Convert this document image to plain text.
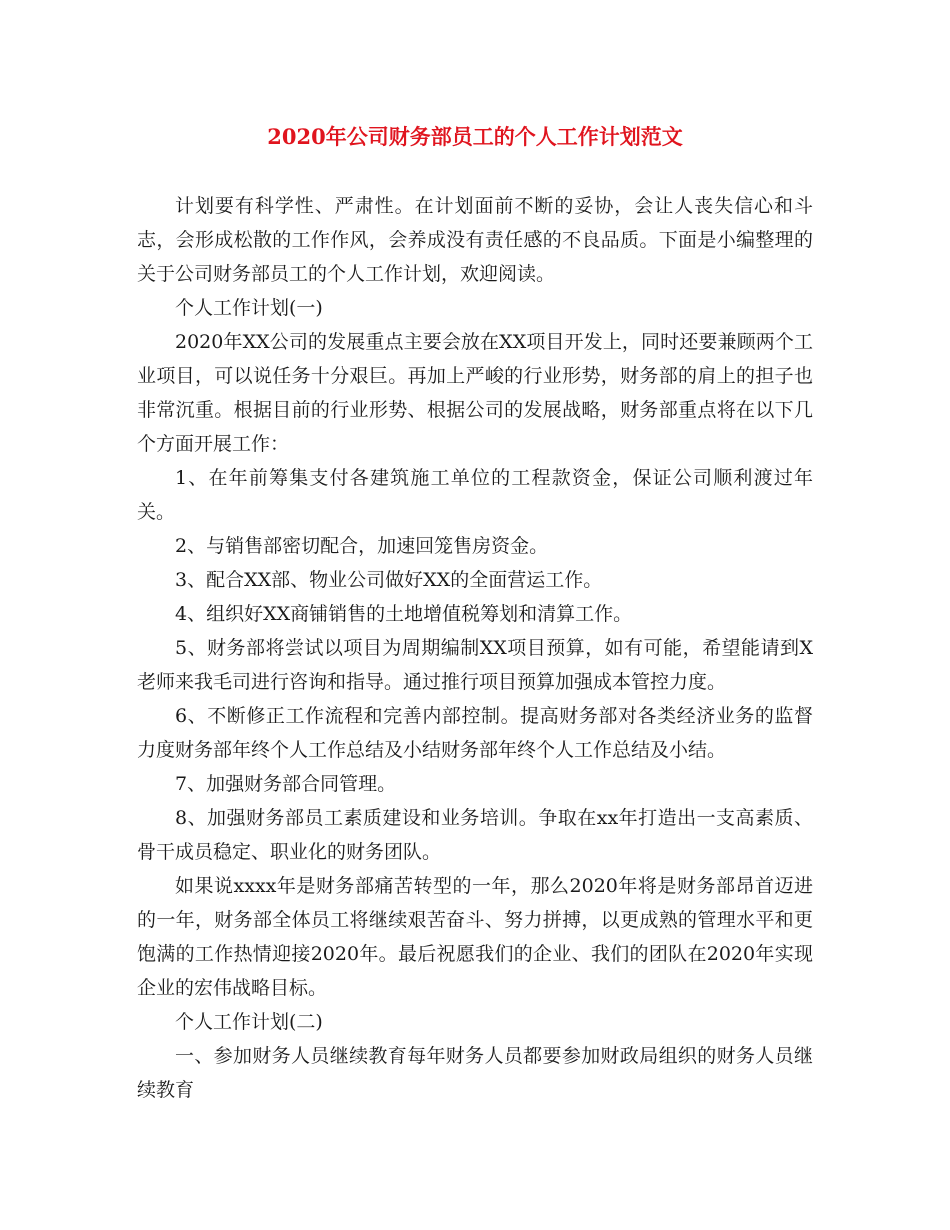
2020年公司财务部员工的个人工作计划范文

计划要有科学性、严肃性。在计划面前不断的妥协，会让人丧失信心和斗志，会形成松散的工作作风，会养成没有责任感的不良品质。下面是小编整理的关于公司财务部员工的个人工作计划，欢迎阅读。

个人工作计划(一)

2020年XX公司的发展重点主要会放在XX项目开发上，同时还要兼顾两个工业项目，可以说任务十分艰巨。再加上严峻的行业形势，财务部的肩上的担子也非常沉重。根据目前的行业形势、根据公司的发展战略，财务部重点将在以下几个方面开展工作：

1、在年前筹集支付各建筑施工单位的工程款资金，保证公司顺利渡过年关。

2、与销售部密切配合，加速回笼售房资金。

3、配合XX部、物业公司做好XX的全面营运工作。

4、组织好XX商铺销售的土地增值税筹划和清算工作。

5、财务部将尝试以项目为周期编制XX项目预算，如有可能，希望能请到X老师来我毛司进行咨询和指导。通过推行项目预算加强成本管控力度。

6、不断修正工作流程和完善内部控制。提高财务部对各类经济业务的监督力度财务部年终个人工作总结及小结财务部年终个人工作总结及小结。

7、加强财务部合同管理。

8、加强财务部员工素质建设和业务培训。争取在xx年打造出一支高素质、骨干成员稳定、职业化的财务团队。

如果说xxxx年是财务部痛苦转型的一年，那么2020年将是财务部昂首迈进的一年，财务部全体员工将继续艰苦奋斗、努力拼搏，以更成熟的管理水平和更饱满的工作热情迎接2020年。最后祝愿我们的企业、我们的团队在2020年实现企业的宏伟战略目标。

个人工作计划(二)

一、参加财务人员继续教育每年财务人员都要参加财政局组织的财务人员继续教育
